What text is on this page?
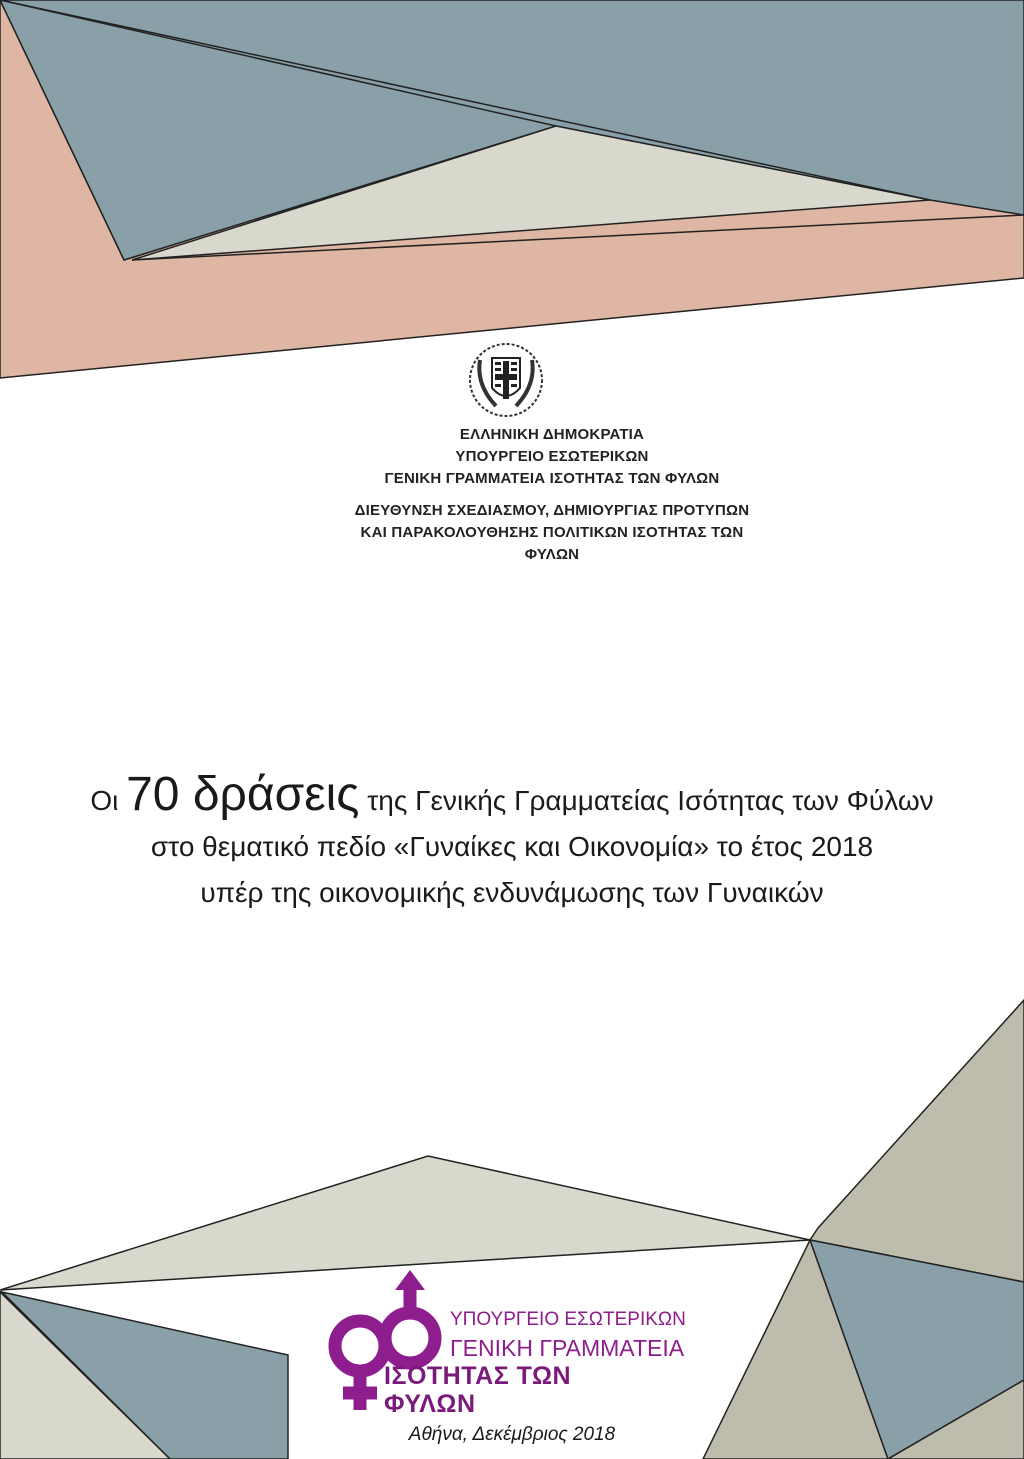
ΕΛΛΗΝΙΚΗ ΔΗΜΟΚΡΑΤΙΑ
ΥΠΟΥΡΓΕΙΟ ΕΣΩΤΕΡΙΚΩΝ
ΓΕΝΙΚΗ ΓΡΑΜΜΑΤΕΙΑ ΙΣΟΤΗΤΑΣ ΤΩΝ ΦΥΛΩΝ
ΔΙΕΥΘΥΝΣΗ ΣΧΕΔΙΑΣΜΟΥ, ΔΗΜΙΟΥΡΓΙΑΣ ΠΡΟΤΥΠΩΝ
ΚΑΙ ΠΑΡΑΚΟΛΟΥΘΗΣΗΣ ΠΟΛΙΤΙΚΩΝ ΙΣΟΤΗΤΑΣ ΤΩΝ
ΦΥΛΩΝ
Οι 70 δράσεις της Γενικής Γραμματείας Ισότητας των Φύλων
στο θεματικό πεδίο «Γυναίκες και Οικονομία» το έτος 2018
υπέρ της οικονομικής ενδυνάμωσης των Γυναικών
ΥΠΟΥΡΓΕΙΟ ΕΣΩΤΕΡΙΚΩΝ
ΓΕΝΙΚΗ ΓΡΑΜΜΑΤΕΙΑ
ΙΣΟΤΗΤΑΣ ΤΩΝ ΦΥΛΩΝ
Αθήνα, Δεκέμβριος 2018
